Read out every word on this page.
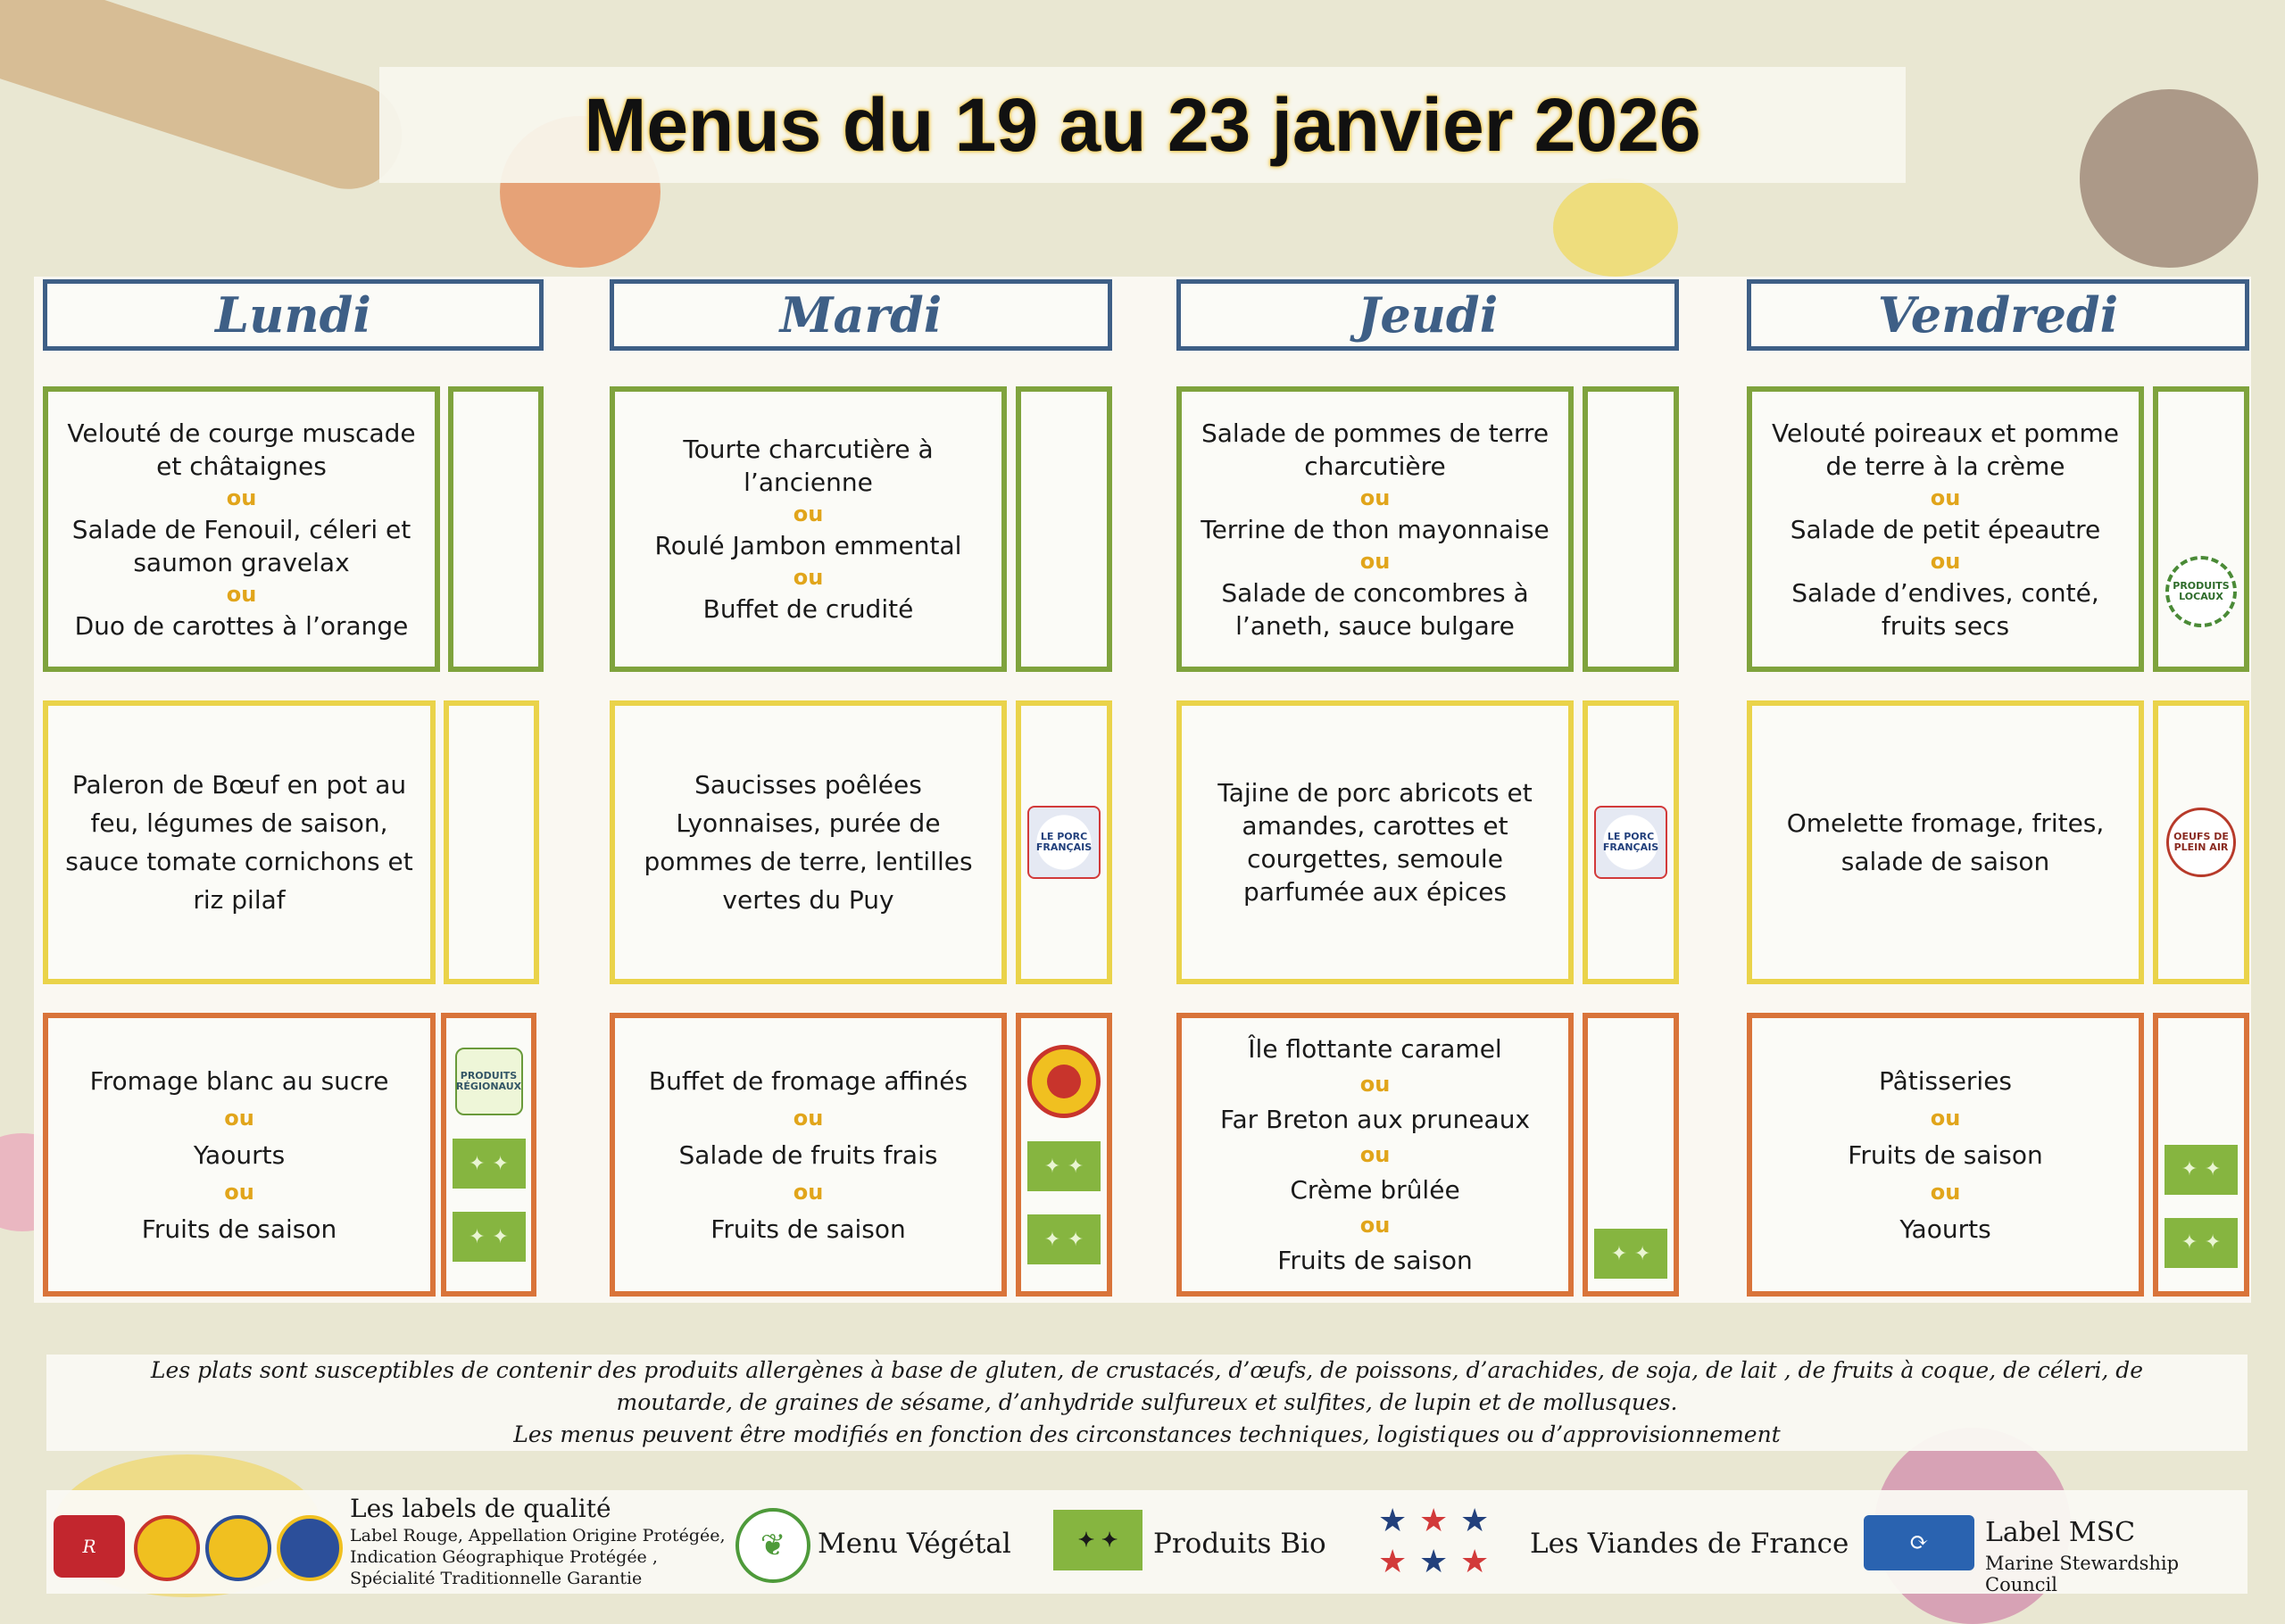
Menus du 19 au 23 janvier 2026
Lundi	Mardi	Jeudi	Vendredi
Velouté de courge muscade et châtaignes
ou
Salade de Fenouil, céleri et saumon gravelax
ou
Duo de carottes à l’orange
Paleron de Bœuf en pot au feu, légumes de saison, sauce tomate cornichons et riz pilaf
Fromage blanc au sucre
ou
Yaourts
ou
Fruits de saison
PRODUITS RÉGIONAUX
✦ ✦
✦ ✦
Tourte charcutière à l’ancienne
ou
Roulé Jambon emmental
ou
Buffet de crudité
Saucisses poêlées Lyonnaises, purée de pommes de terre, lentilles vertes du Puy
LE PORC FRANÇAIS
Buffet de fromage affinés
ou
Salade de fruits frais
ou
Fruits de saison
✦ ✦
✦ ✦
Salade de pommes de terre charcutière
ou
Terrine de thon mayonnaise
ou
Salade de concombres à l’aneth, sauce bulgare
Tajine de porc abricots et amandes, carottes et courgettes, semoule parfumée aux épices
LE PORC FRANÇAIS
Île flottante caramel
ou
Far Breton aux pruneaux
ou
Crème brûlée
ou
Fruits de saison	✦ ✦
Velouté poireaux et pomme de terre à la crème
ou
Salade de petit épeautre
ou
Salade d’endives, conté, fruits secs
PRODUITS LOCAUX
Omelette fromage, frites, salade de saison
OEUFS DE PLEIN AIR
Pâtisseries
ou
Fruits de saison
ou
Yaourts
✦ ✦
✦ ✦
Les plats sont susceptibles de contenir des produits allergènes à base de gluten, de crustacés, d’œufs, de poissons, d’arachides, de soja, de lait , de fruits à coque, de céleri, de
moutarde, de graines de sésame, d’anhydride sulfureux et sulfites, de lupin et de mollusques.
Les menus peuvent être modifiés en fonction des circonstances techniques, logistiques ou d’approvisionnement
R
Les labels de qualité
Label Rouge, Appellation Origine Protégée,
Indication Géographique Protégée ,
Spécialité Traditionnelle Garantie
❦	Menu Végétal	✦ ✦	Produits Bio
★ ★ ★
★ ★ ★ Les Viandes de France	⟳	Label MSC
Marine Stewardship Council
